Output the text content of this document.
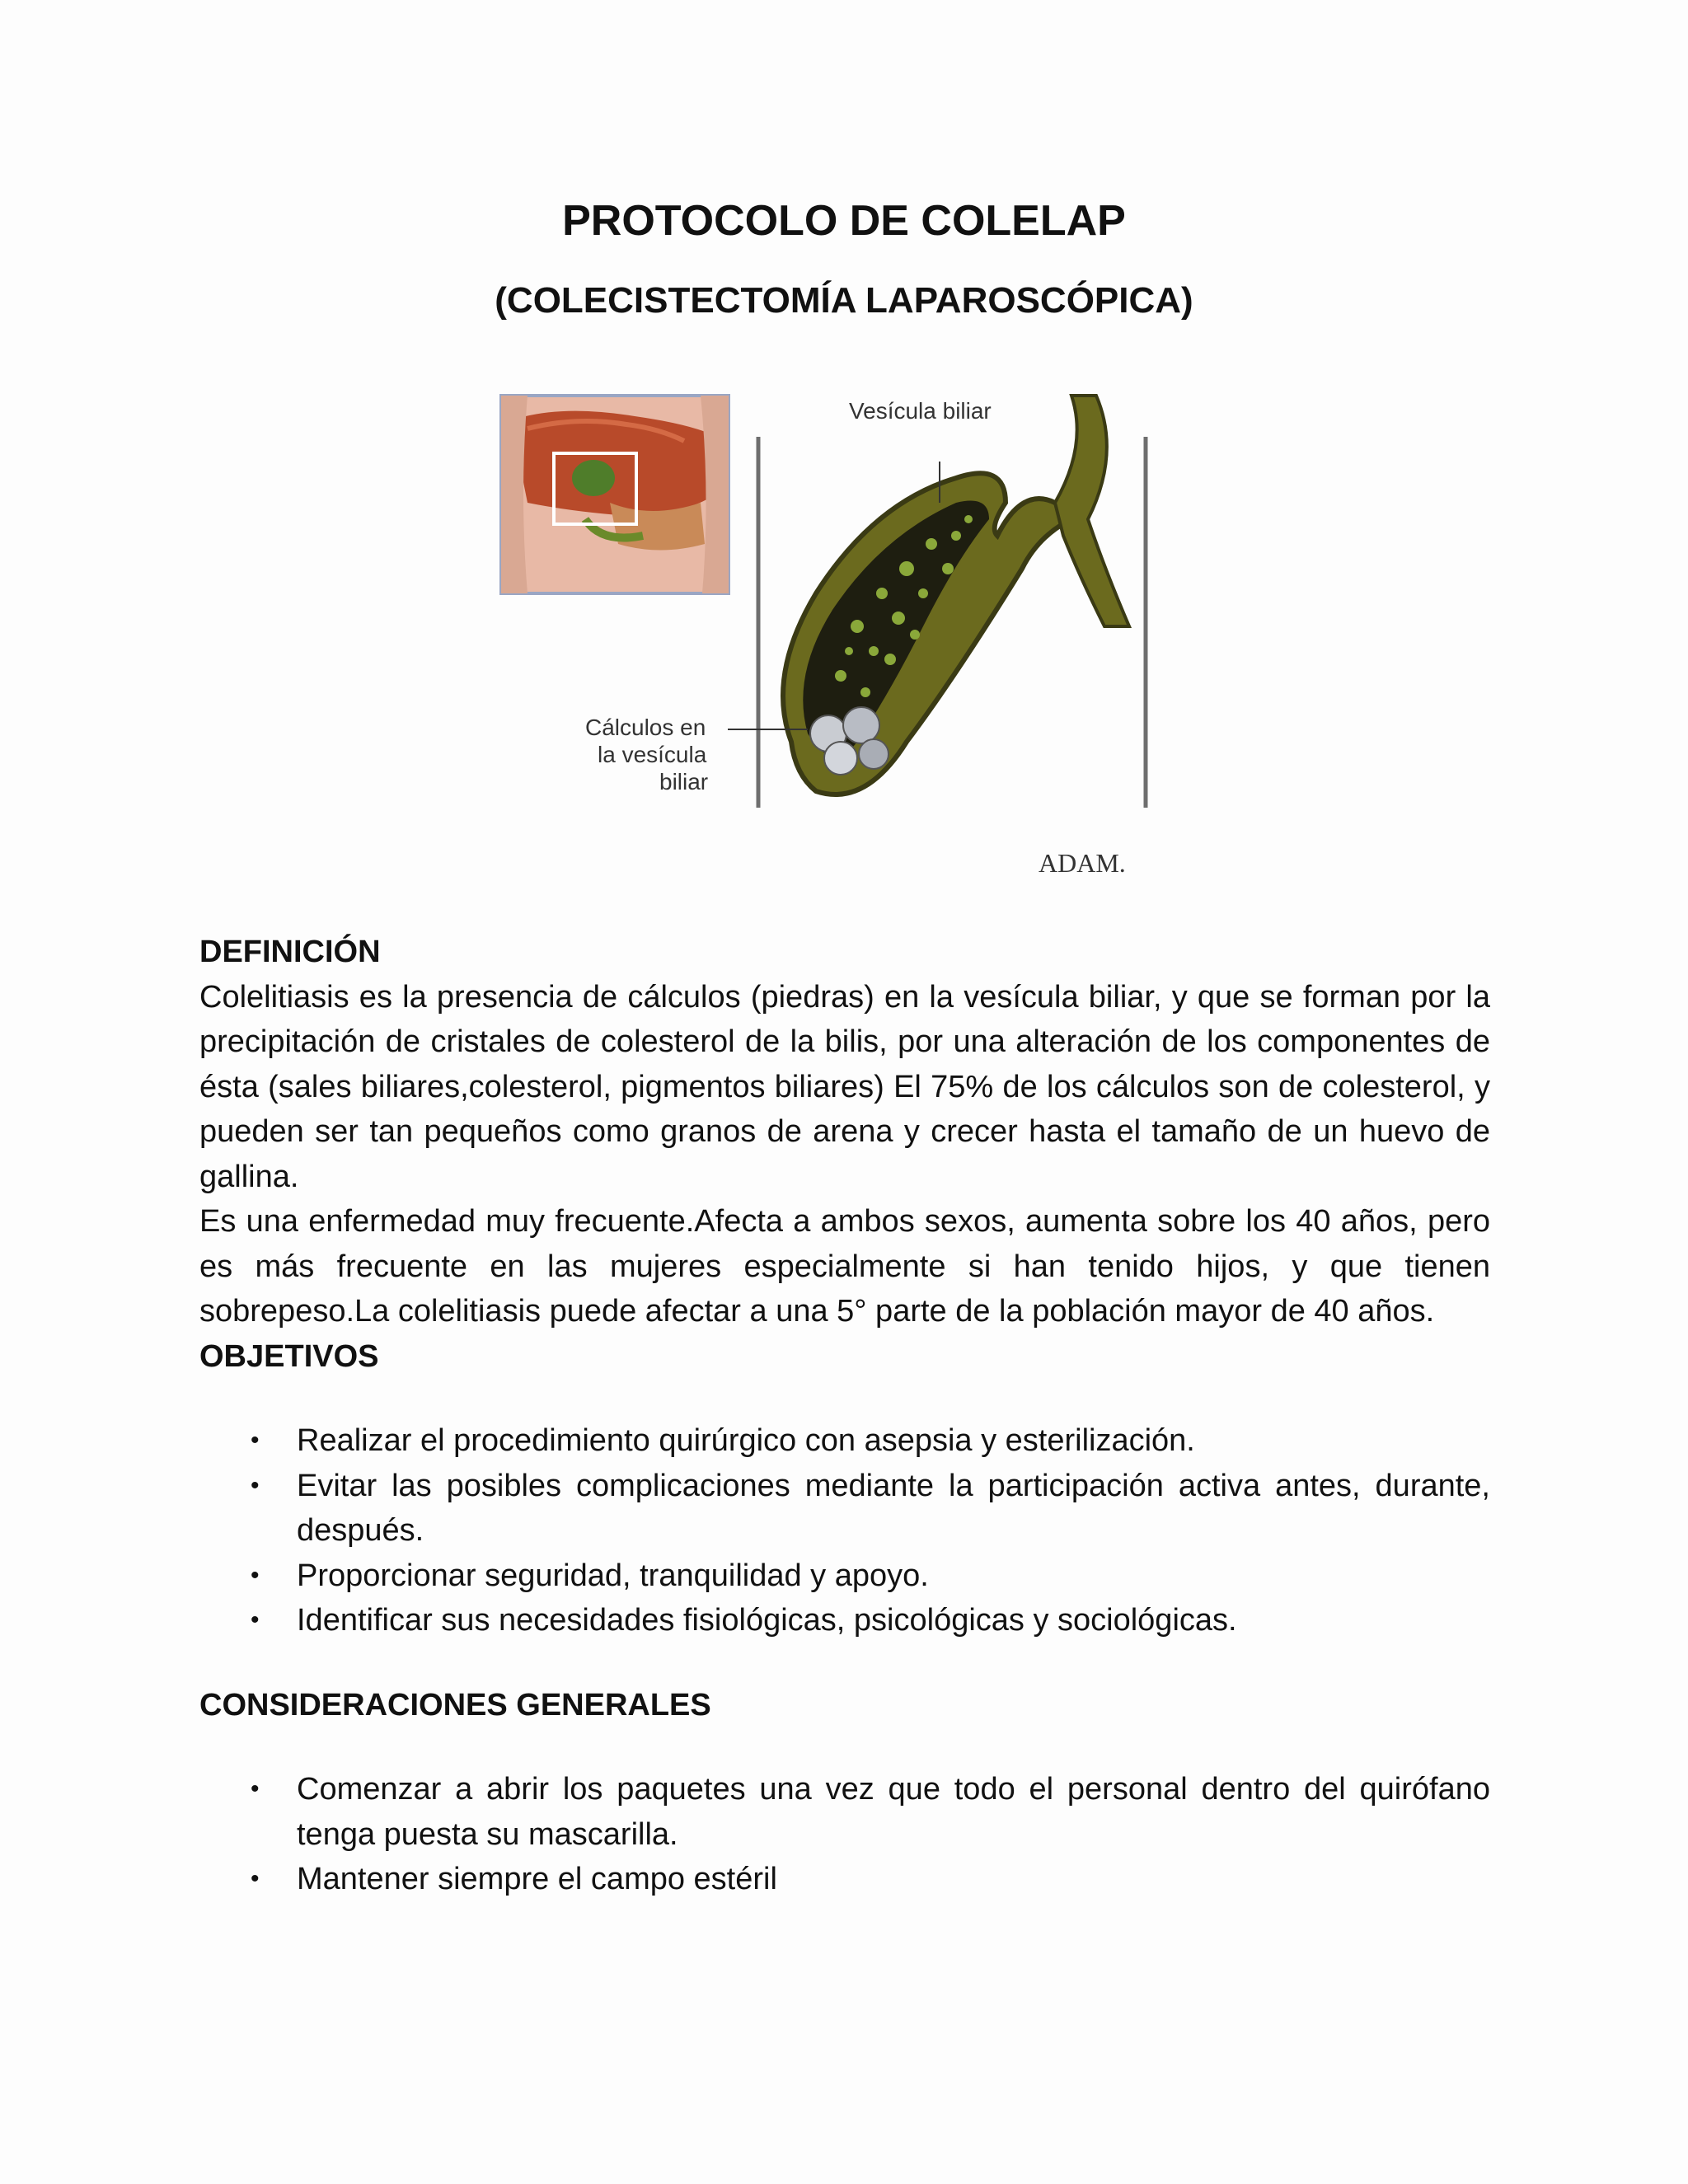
PROTOCOLO DE COLELAP
(COLECISTECTOMÍA LAPAROSCÓPICA)
Vesícula biliar
Cálculos en
la vesícula
biliar
ADAM.

DEFINICIÓN

Colelitiasis es la presencia de cálculos (piedras) en la vesícula biliar, y que se forman por la precipitación de cristales de colesterol de la bilis, por una alteración de los componentes de ésta (sales biliares,colesterol, pigmentos biliares) El 75% de los cálculos son de colesterol, y pueden ser tan pequeños como granos de arena y crecer hasta el tamaño de un huevo de gallina.

Es una enfermedad muy frecuente.Afecta a ambos sexos, aumenta sobre los 40 años, pero es más frecuente en las mujeres especialmente si han tenido hijos, y que tienen sobrepeso.La colelitiasis puede afectar a una 5° parte de la población mayor de 40 años.

OBJETIVOS

• Realizar el procedimiento quirúrgico con asepsia y esterilización.
• Evitar las posibles complicaciones mediante la participación activa antes, durante, después.
• Proporcionar seguridad, tranquilidad y apoyo.
• Identificar sus necesidades fisiológicas, psicológicas y sociológicas.

CONSIDERACIONES GENERALES

• Comenzar a abrir los paquetes una vez que todo el personal dentro del quirófano tenga puesta su mascarilla.
• Mantener siempre el campo estéril
